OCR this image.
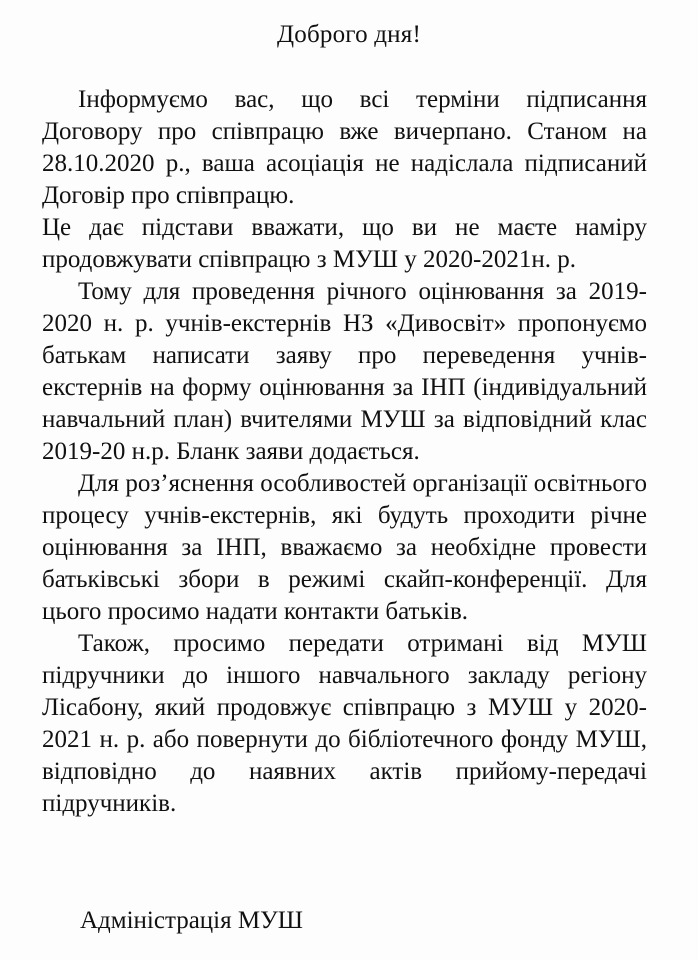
Доброго дня!

Інформуємо вас, що всі терміни підписання Договору про співпрацю вже вичерпано. Станом на 28.10.2020 р., ваша асоціація не надіслала підписаний Договір про співпрацю.

Це дає підстави вважати, що ви не маєте наміру продовжувати співпрацю з МУШ у 2020-2021н. р.

Тому для проведення річного оцінювання за 2019-2020 н. р. учнів-екстернів НЗ «Дивосвіт» пропонуємо батькам написати заяву про переведення учнів-екстернів на форму оцінювання за ІНП (індивідуальний навчальний план) вчителями МУШ за відповідний клас 2019-20 н.р. Бланк заяви додається.

Для роз’яснення особливостей організації освітнього процесу учнів-екстернів, які будуть проходити річне оцінювання за ІНП, вважаємо за необхідне провести батьківські збори в режимі скайп-конференції. Для цього просимо надати контакти батьків.

Також, просимо передати отримані від МУШ підручники до іншого навчального закладу регіону Лісабону, який продовжує співпрацю з МУШ у 2020-2021 н. р. або повернути до бібліотечного фонду МУШ, відповідно до наявних актів прийому-передачі підручників.

Адміністрація МУШ
